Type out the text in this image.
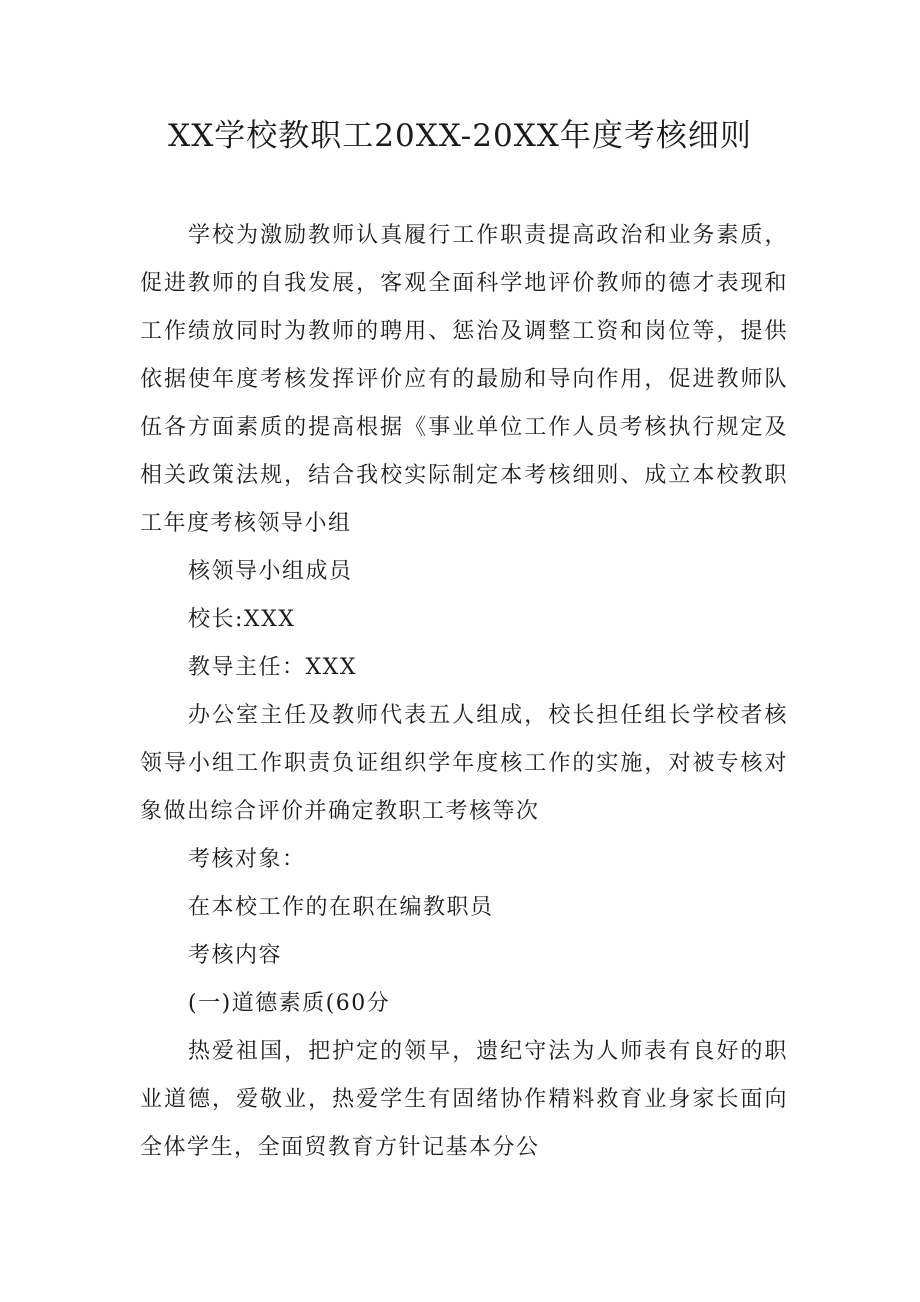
XX学校教职工20XX-20XX年度考核细则

学校为激励教师认真履行工作职责提高政治和业务素质，促进教师的自我发展，客观全面科学地评价教师的德才表现和工作绩放同时为教师的聘用、惩治及调整工资和岗位等，提供依据使年度考核发挥评价应有的最励和导向作用，促进教师队伍各方面素质的提高根据《事业单位工作人员考核执行规定及相关政策法规，结合我校实际制定本考核细则、成立本校教职工年度考核领导小组

核领导小组成员

校长:XXX

教导主任：XXX

办公室主任及教师代表五人组成，校长担任组长学校者核领导小组工作职责负证组织学年度核工作的实施，对被专核对象做出综合评价并确定教职工考核等次

考核对象：

在本校工作的在职在编教职员

考核内容

(一)道德素质(60分

热爱祖国，把护定的领早，遗纪守法为人师表有良好的职业道德，爱敬业，热爱学生有固绪协作精料救育业身家长面向全体学生，全面贸教育方针记基本分公
